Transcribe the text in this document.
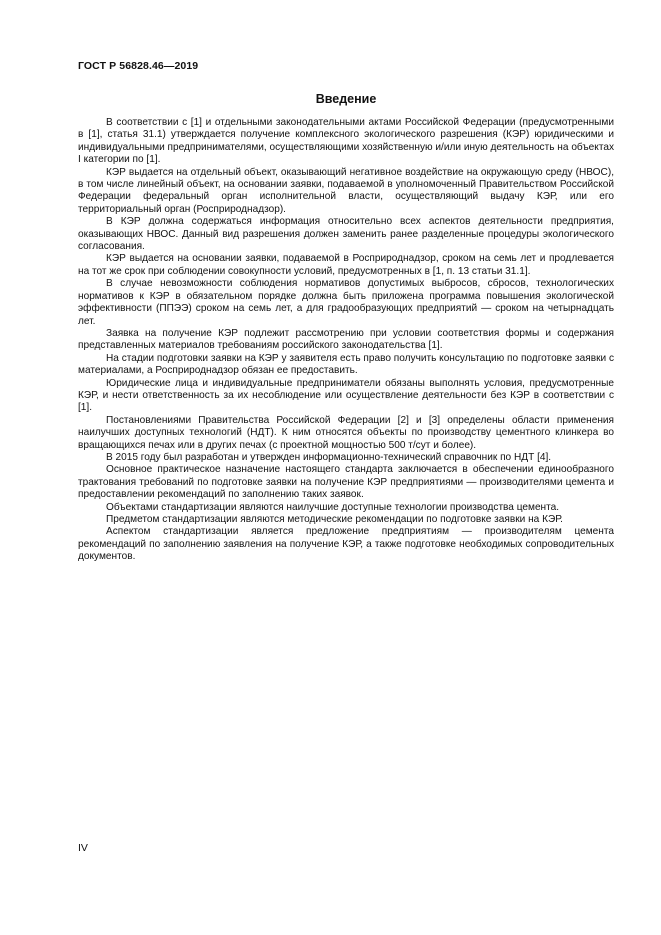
ГОСТ Р 56828.46—2019
Введение

В соответствии с [1] и отдельными законодательными актами Российской Федерации (предусмотренными в [1], статья 31.1) утверждается получение комплексного экологического разрешения (КЭР) юридическими и индивидуальными предпринимателями, осуществляющими хозяйственную и/или иную деятельность на объектах I категории по [1].

КЭР выдается на отдельный объект, оказывающий негативное воздействие на окружающую среду (НВОС), в том числе линейный объект, на основании заявки, подаваемой в уполномоченный Правительством Российской Федерации федеральный орган исполнительной власти, осуществляющий выдачу КЭР, или его территориальный орган (Росприроднадзор).

В КЭР должна содержаться информация относительно всех аспектов деятельности предприятия, оказывающих НВОС. Данный вид разрешения должен заменить ранее разделенные процедуры экологического согласования.

КЭР выдается на основании заявки, подаваемой в Росприроднадзор, сроком на семь лет и продлевается на тот же срок при соблюдении совокупности условий, предусмотренных в [1, п. 13 статьи 31.1].

В случае невозможности соблюдения нормативов допустимых выбросов, сбросов, технологических нормативов к КЭР в обязательном порядке должна быть приложена программа повышения экологической эффективности (ППЭЭ) сроком на семь лет, а для градообразующих предприятий — сроком на четырнадцать лет.

Заявка на получение КЭР подлежит рассмотрению при условии соответствия формы и содержания представленных материалов требованиям российского законодательства [1].

На стадии подготовки заявки на КЭР у заявителя есть право получить консультацию по подготовке заявки с материалами, а Росприроднадзор обязан ее предоставить.

Юридические лица и индивидуальные предприниматели обязаны выполнять условия, предусмотренные КЭР, и нести ответственность за их несоблюдение или осуществление деятельности без КЭР в соответствии с [1].

Постановлениями Правительства Российской Федерации [2] и [3] определены области применения наилучших доступных технологий (НДТ). К ним относятся объекты по производству цементного клинкера во вращающихся печах или в других печах (с проектной мощностью 500 т/сут и более).

В 2015 году был разработан и утвержден информационно-технический справочник по НДТ [4].

Основное практическое назначение настоящего стандарта заключается в обеспечении единообразного трактования требований по подготовке заявки на получение КЭР предприятиями — производителями цемента и предоставлении рекомендаций по заполнению таких заявок.

Объектами стандартизации являются наилучшие доступные технологии производства цемента.

Предметом стандартизации являются методические рекомендации по подготовке заявки на КЭР.

Аспектом стандартизации является предложение предприятиям — производителям цемента рекомендаций по заполнению заявления на получение КЭР, а также подготовке необходимых сопроводительных документов.

IV
